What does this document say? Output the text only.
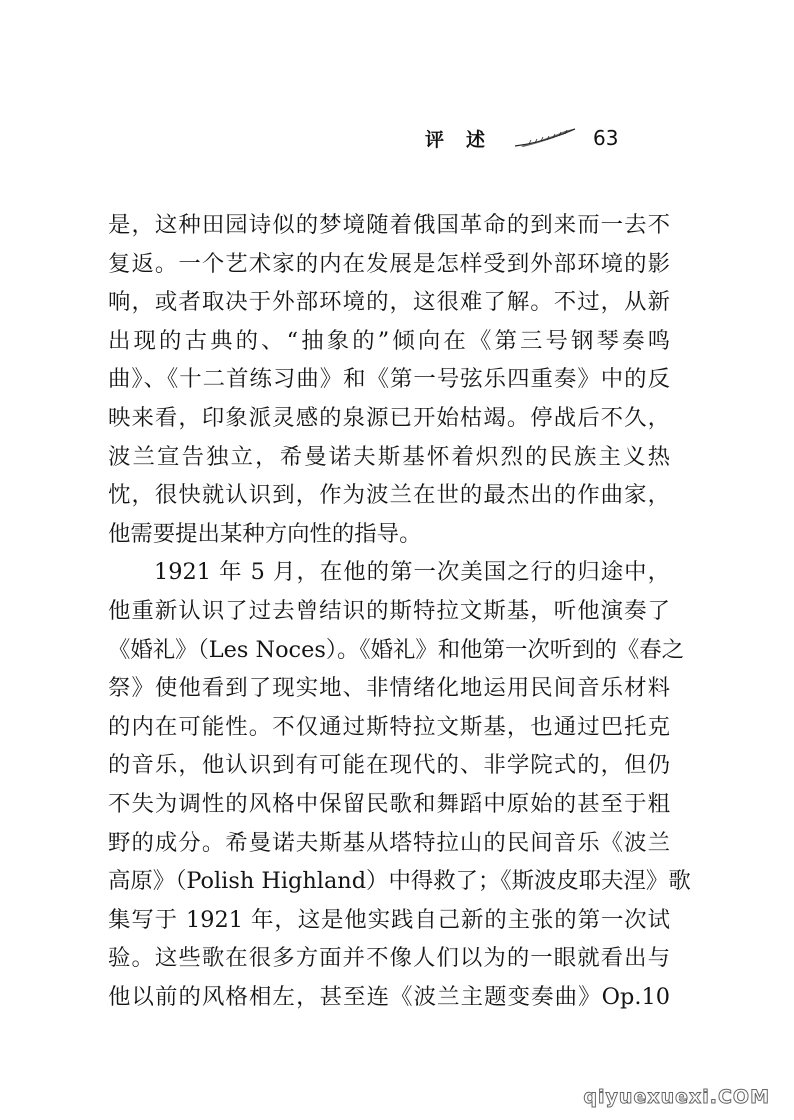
评述	63
是，这种田园诗似的梦境随着俄国革命的到来而一去不
复返。一个艺术家的内在发展是怎样受到外部环境的影
响，或者取决于外部环境的，这很难了解。不过，从新
出现的古典的、“抽象的”倾向在《第三号钢琴奏鸣
曲》、《十二首练习曲》和《第一号弦乐四重奏》中的反
映来看，印象派灵感的泉源已开始枯竭。停战后不久，
波兰宣告独立，希曼诺夫斯基怀着炽烈的民族主义热
忱，很快就认识到，作为波兰在世的最杰出的作曲家，
他需要提出某种方向性的指导。
1921 年 5 月，在他的第一次美国之行的归途中，
他重新认识了过去曾结识的斯特拉文斯基，听他演奏了
《婚礼》（Les Noces）。《婚礼》和他第一次听到的《春之
祭》使他看到了现实地、非情绪化地运用民间音乐材料
的内在可能性。不仅通过斯特拉文斯基，也通过巴托克
的音乐，他认识到有可能在现代的、非学院式的，但仍
不失为调性的风格中保留民歌和舞蹈中原始的甚至于粗
野的成分。希曼诺夫斯基从塔特拉山的民间音乐《波兰
高原》（Polish Highland）中得救了；《斯波皮耶夫涅》歌
集写于 1921 年，这是他实践自己新的主张的第一次试
验。这些歌在很多方面并不像人们以为的一眼就看出与
他以前的风格相左，甚至连《波兰主题变奏曲》Op.10
qiyuexuexi.COM
